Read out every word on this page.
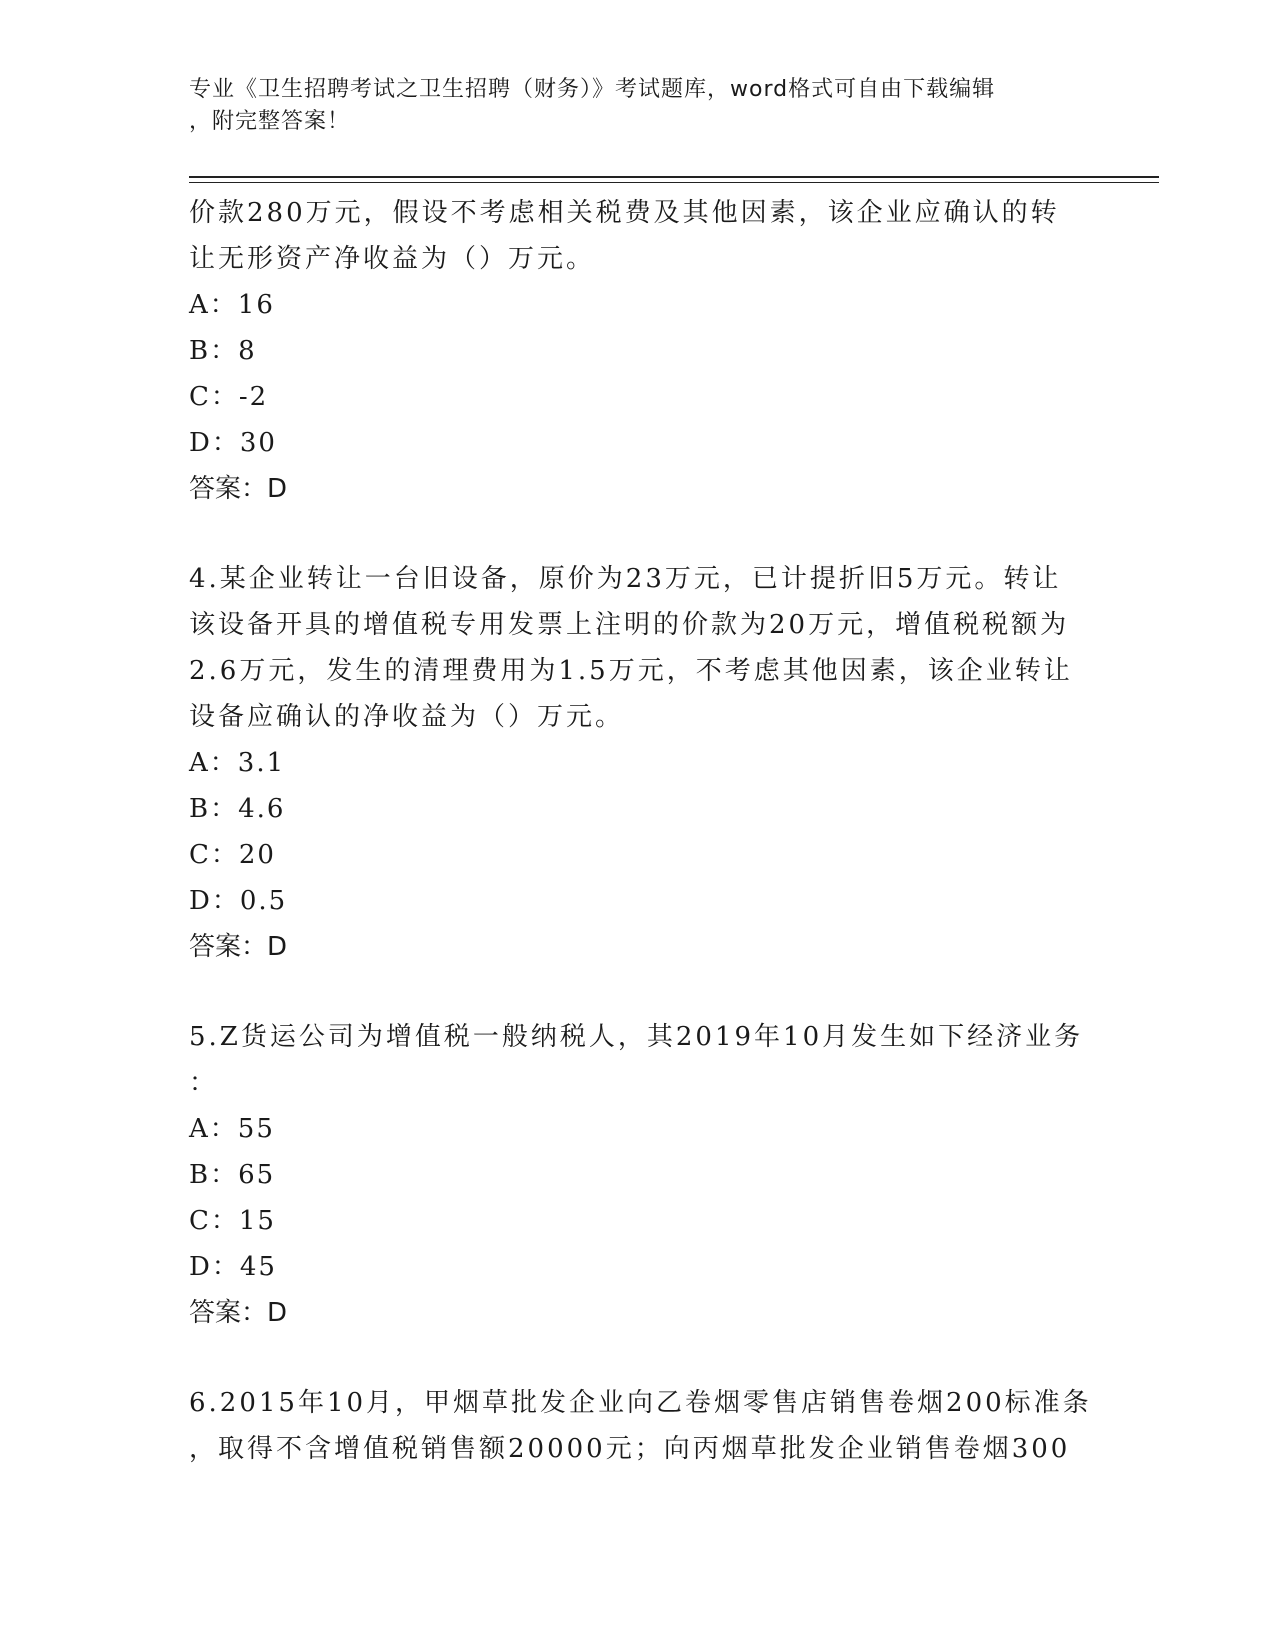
专业《卫生招聘考试之卫生招聘（财务）》考试题库，word格式可自由下载编辑
，附完整答案！
价款280万元，假设不考虑相关税费及其他因素，该企业应确认的转
让无形资产净收益为（）万元。
A：16
B：8
C：-2
D：30
答案：D
4.某企业转让一台旧设备，原价为23万元，已计提折旧5万元。转让
该设备开具的增值税专用发票上注明的价款为20万元，增值税税额为
2.6万元，发生的清理费用为1.5万元，不考虑其他因素，该企业转让
设备应确认的净收益为（）万元。
A：3.1
B：4.6
C：20
D：0.5
答案：D
5.Z货运公司为增值税一般纳税人，其2019年10月发生如下经济业务
：
A：55
B：65
C：15
D：45
答案：D
6.2015年10月，甲烟草批发企业向乙卷烟零售店销售卷烟200标准条
，取得不含增值税销售额20000元；向丙烟草批发企业销售卷烟300
